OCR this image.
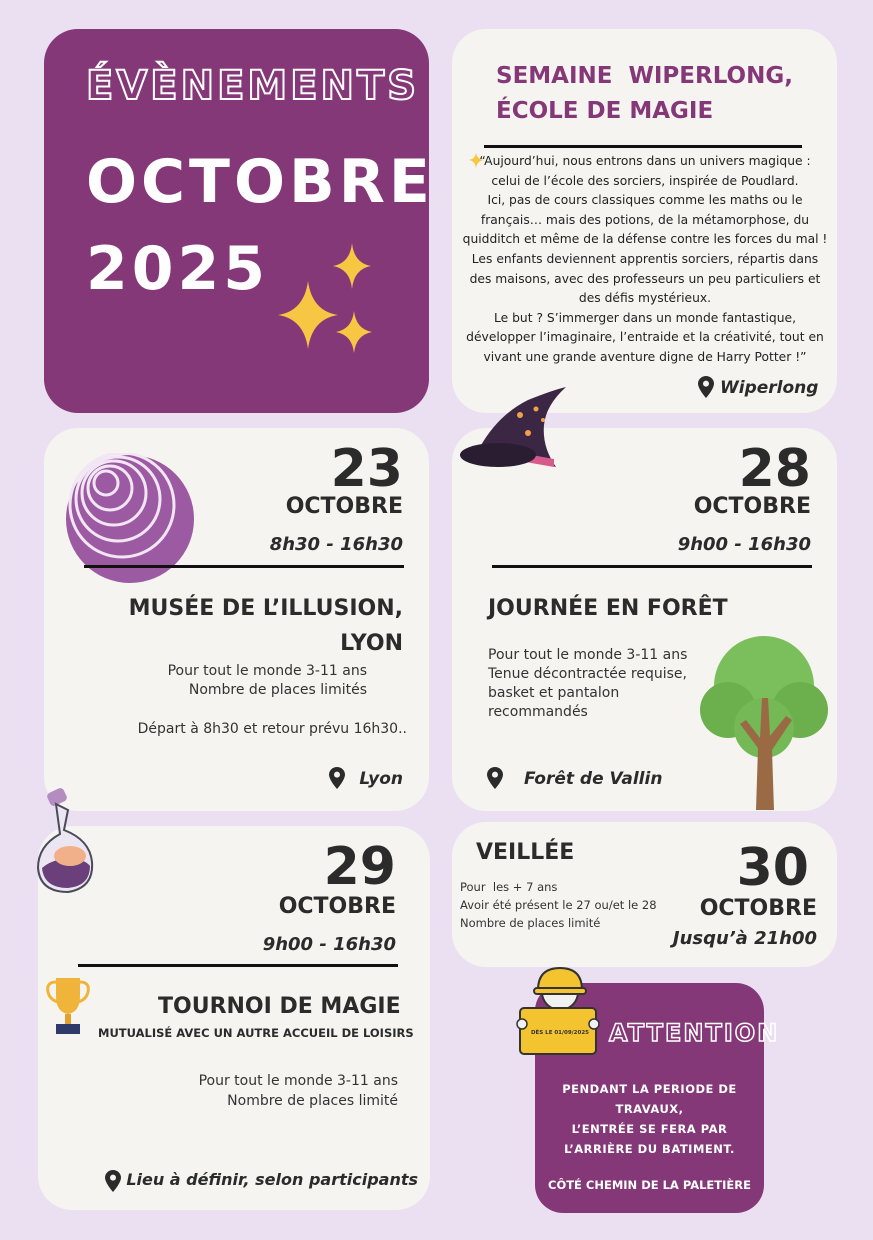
ÉVÈNEMENTS
OCTOBRE
2025
SEMAINE  WIPERLONG,
ÉCOLE DE MAGIE
“Aujourd’hui, nous entrons dans un univers magique :
celui de l’école des sorciers, inspirée de Poudlard.
Ici, pas de cours classiques comme les maths ou le
français… mais des potions, de la métamorphose, du
quidditch et même de la défense contre les forces du mal !
Les enfants deviennent apprentis sorciers, répartis dans
des maisons, avec des professeurs un peu particuliers et
des défis mystérieux.
Le but ? S’immerger dans un monde fantastique,
développer l’imaginaire, l’entraide et la créativité, tout en
vivant une grande aventure digne de Harry Potter !”
Wiperlong
23
OCTOBRE
8h30 - 16h30
MUSÉE DE L’ILLUSION,
LYON
Pour tout le monde 3-11 ans
Nombre de places limités
Départ à 8h30 et retour prévu 16h30..
Lyon
28
OCTOBRE
9h00 - 16h30
JOURNÉE EN FORÊT
Pour tout le monde 3-11 ans
Tenue décontractée requise,
basket et pantalon
recommandés
Forêt de Vallin
29
OCTOBRE
9h00 - 16h30
TOURNOI DE MAGIE
MUTUALISÉ AVEC UN AUTRE ACCUEIL DE LOISIRS
Pour tout le monde 3-11 ans
Nombre de places limité
Lieu à définir, selon participants
VEILLÉE
Pour  les + 7 ans
Avoir été présent le 27 ou/et le 28
Nombre de places limité
30
OCTOBRE
Jusqu’à 21h00
ATTENTION
PENDANT LA PERIODE DE
TRAVAUX,
L’ENTRÉE SE FERA PAR
L’ARRIÈRE DU BATIMENT.
CÔTÉ CHEMIN DE LA PALETIÈRE
DÈS LE 01/09/2025
